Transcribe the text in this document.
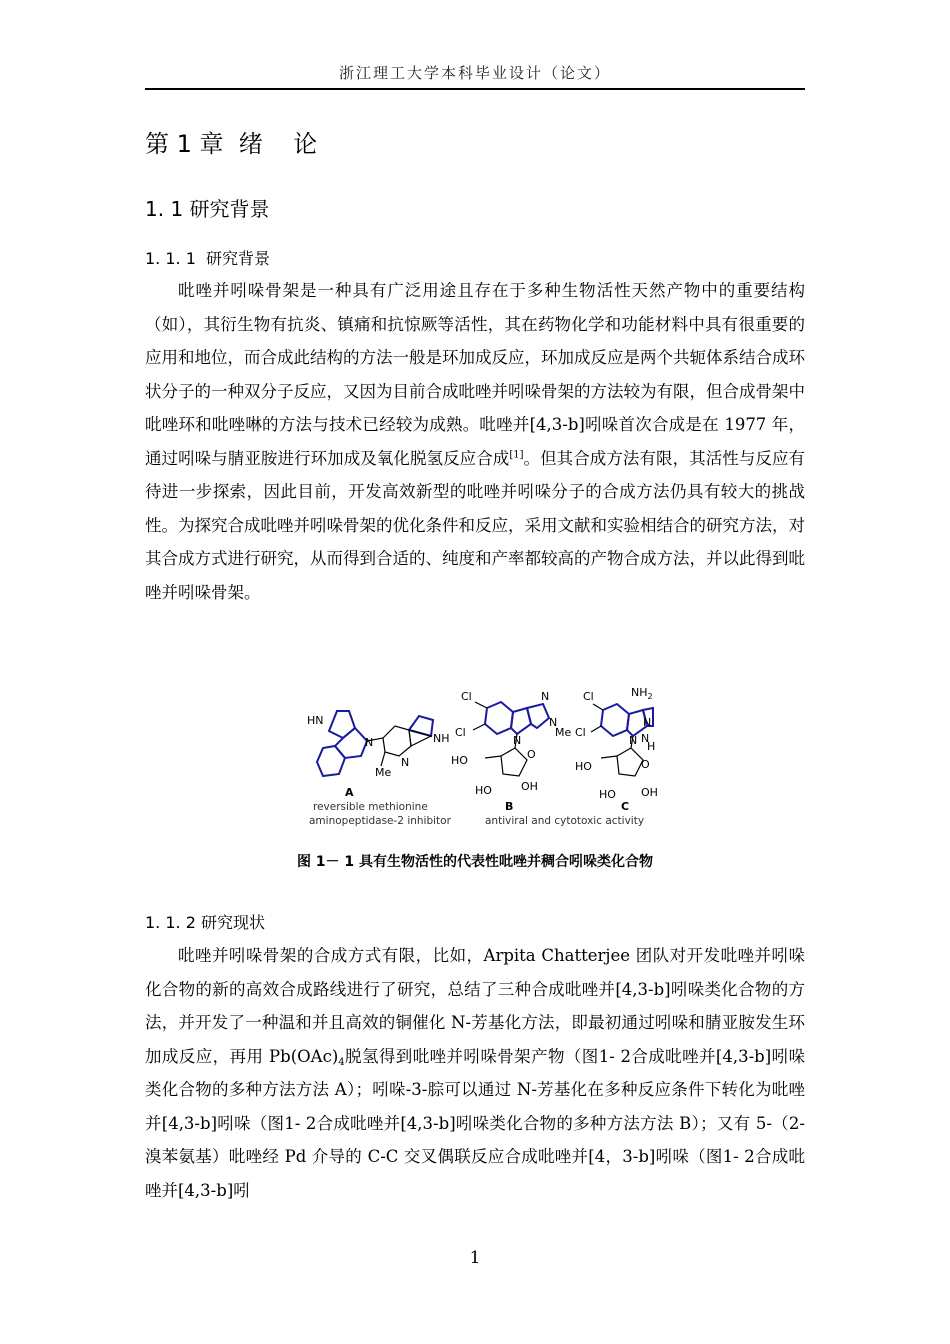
浙江理工大学本科毕业设计（论文）
第 1 章  绪    论
1. 1 研究背景
1. 1. 1  研究背景

吡唑并吲哚骨架是一种具有广泛用途且存在于多种生物活性天然产物中的重要结构（如），其衍生物有抗炎、镇痛和抗惊厥等活性，其在药物化学和功能材料中具有很重要的应用和地位，而合成此结构的方法一般是环加成反应，环加成反应是两个共轭体系结合成环状分子的一种双分子反应，又因为目前合成吡唑并吲哚骨架的方法较为有限，但合成骨架中吡唑环和吡唑啉的方法与技术已经较为成熟。吡唑并[4,3-b]吲哚首次合成是在 1977 年，通过吲哚与腈亚胺进行环加成及氧化脱氢反应合成[1]。但其合成方法有限，其活性与反应有待进一步探索，因此目前，开发高效新型的吡唑并吲哚分子的合成方法仍具有较大的挑战性。为探究合成吡唑并吲哚骨架的优化条件和反应，采用文献和实验相结合的研究方法，对其合成方式进行研究，从而得到合适的、纯度和产率都较高的产物合成方法，并以此得到吡唑并吲哚骨架。

HN
NH
Me
N
N
A
reversible methionine
aminopeptidase-2 inhibitor
Cl
Cl
N
N
N
Me
O
HO
HO	OH
B
antiviral and cytotoxic activity
Cl
Cl
$NH_2$
N
N
N H
O
HO
HO OH
C
图 1－ 1 具有生物活性的代表性吡唑并稠合吲哚类化合物
1. 1. 2 研究现状

吡唑并吲哚骨架的合成方式有限，比如，Arpita Chatterjee 团队对开发吡唑并吲哚化合物的新的高效合成路线进行了研究，总结了三种合成吡唑并[4,3-b]吲哚类化合物的方法，并开发了一种温和并且高效的铜催化 N-芳基化方法，即最初通过吲哚和腈亚胺发生环加成反应，再用 $Pb(OAc)_4$脱氢得到吡唑并吲哚骨架产物（图1- 2合成吡唑并[4,3-b]吲哚类化合物的多种方法方法 A）；吲哚-3-腙可以通过 N-芳基化在多种反应条件下转化为吡唑并[4,3-b]吲哚（图1- 2合成吡唑并[4,3-b]吲哚类化合物的多种方法方法 B）；又有 5-（2-溴苯氨基）吡唑经 Pd 介导的 C-C 交叉偶联反应合成吡唑并[4，3-b]吲哚（图1- 2合成吡唑并[4,3-b]吲

1
